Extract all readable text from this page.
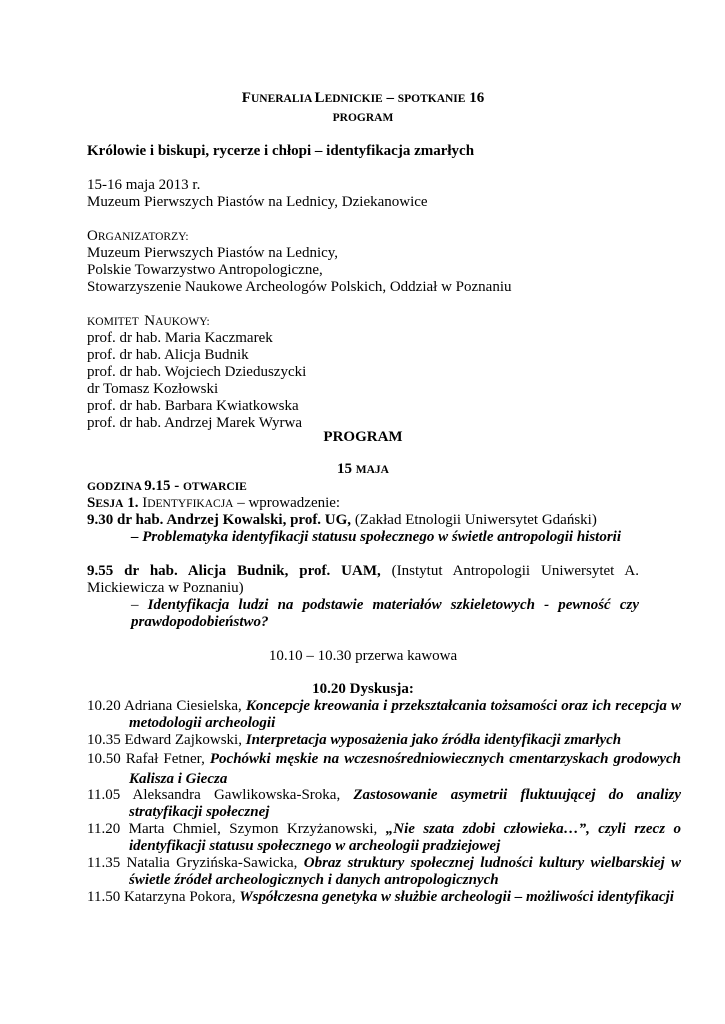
FUNERALIA LEDNICKIE – SPOTKANIE 16
PROGRAM
Królowie i biskupi, rycerze i chłopi – identyfikacja zmarłych
15-16 maja 2013 r.
Muzeum Pierwszych Piastów na Lednicy, Dziekanowice
ORGANIZATORZY:
Muzeum Pierwszych Piastów na Lednicy,
Polskie Towarzystwo Antropologiczne,
Stowarzyszenie Naukowe Archeologów Polskich, Oddział w Poznaniu
KOMITET  NAUKOWY:
prof. dr hab. Maria Kaczmarek
prof. dr hab. Alicja Budnik
prof. dr hab. Wojciech Dzieduszycki
dr Tomasz Kozłowski
prof. dr hab. Barbara Kwiatkowska
prof. dr hab. Andrzej Marek Wyrwa
PROGRAM
15 MAJA
GODZINA 9.15 - OTWARCIE
SESJA 1. IDENTYFIKACJA – wprowadzenie:
9.30 dr hab. Andrzej Kowalski, prof. UG, (Zakład Etnologii Uniwersytet Gdański)
– Problematyka identyfikacji statusu społecznego w świetle antropologii historii
9.55 dr hab. Alicja Budnik, prof. UAM, (Instytut Antropologii Uniwersytet A. Mickiewicza w Poznaniu)
– Identyfikacja ludzi na podstawie materiałów szkieletowych - pewność czy prawdopodobieństwo?
10.10 – 10.30 przerwa kawowa
10.20 Dyskusja:
10.20 Adriana Ciesielska, Koncepcje kreowania i przekształcania tożsamości oraz ich recepcja w metodologii archeologii
10.35 Edward Zajkowski, Interpretacja wyposażenia jako źródła identyfikacji zmarłych
10.50 Rafał Fetner, Pochówki męskie na wczesnośredniowiecznych cmentarzyskach grodowych Kalisza i Giecza
11.05 Aleksandra Gawlikowska-Sroka, Zastosowanie asymetrii fluktuującej do analizy stratyfikacji społecznej
11.20 Marta Chmiel, Szymon Krzyżanowski, „Nie szata zdobi człowieka…”, czyli rzecz o identyfikacji statusu społecznego w archeologii pradziejowej
11.35 Natalia Gryzińska-Sawicka, Obraz struktury społecznej ludności kultury wielbarskiej w świetle źródeł archeologicznych i danych antropologicznych
11.50 Katarzyna Pokora, Współczesna genetyka w służbie archeologii – możliwości identyfikacji
